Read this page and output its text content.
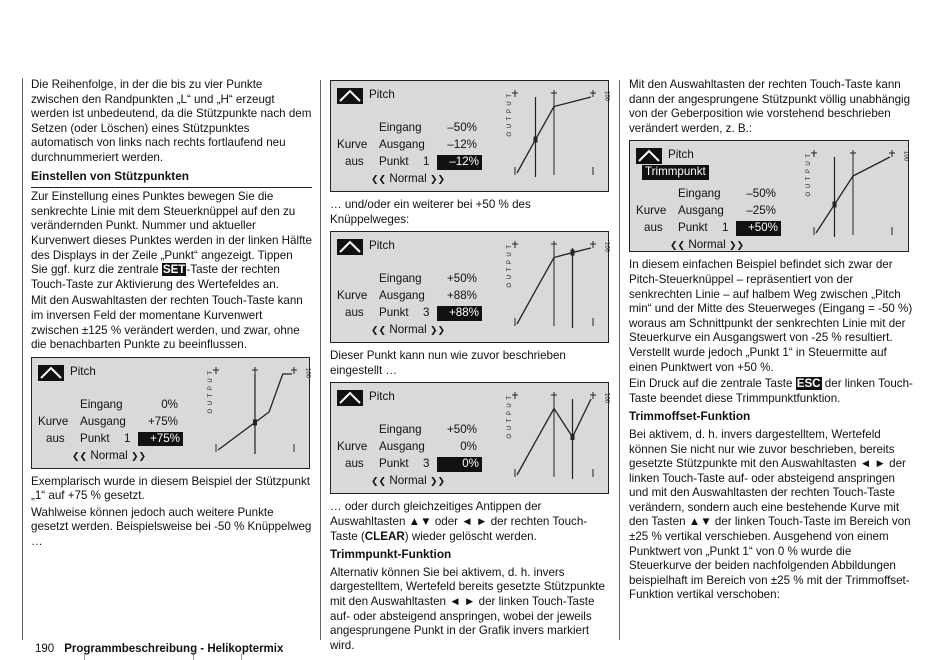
Die Reihenfolge, in der die bis zu vier Punkte zwischen den Randpunkten „L“ und „H“ erzeugt werden ist unbedeutend, da die Stützpunkte nach dem Setzen (oder Löschen) eines Stützpunktes automatisch von links nach rechts fortlaufend neu durchnummeriert werden.

Einstellen von Stützpunkten

Zur Einstellung eines Punktes bewegen Sie die senkrechte Linie mit dem Steuerknüppel auf den zu verändernden Punkt. Nummer und aktueller Kurvenwert dieses Punktes werden in der linken Hälfte des Displays in der Zeile „Punkt“ angezeigt. Tippen Sie ggf. kurz die zentrale SET-Taste der rechten Touch-Taste zur Aktivierung des Wertefeldes an.

Mit den Auswahltasten der rechten Touch-Taste kann im inversen Feld der momentane Kurvenwert zwischen ±125 % verändert werden, und zwar, ohne die benachbarten Punkte zu beeinflussen.

Pitch
Eingang	0%
Kurve Ausgang	+75%
aus Punkt 1	+75%
❮❮ Normal ❯❯
O U T P U T	100

Exemplarisch wurde in diesem Beispiel der Stützpunkt „1“ auf +75 % gesetzt.

Wahlweise können jedoch auch weitere Punkte gesetzt werden. Beispielsweise bei -50 % Knüppelweg …

Pitch
Eingang	–50%
Kurve Ausgang	–12%
aus Punkt 1	–12%
❮❮ Normal ❯❯
O U T P U T	100

… und/oder ein weiterer bei +50 % des Knüppelweges:

Pitch
Eingang	+50%
Kurve Ausgang	+88%
aus Punkt 3	+88%
❮❮ Normal ❯❯
O U T P U T	100

Dieser Punkt kann nun wie zuvor beschrieben eingestellt …

Pitch
Eingang	+50%
Kurve Ausgang	0%
aus Punkt 3	0%
❮❮ Normal ❯❯
O U T P U T	100

… oder durch gleichzeitiges Antippen der Auswahltasten ▲▼ oder ◄ ► der rechten Touch-Taste (CLEAR) wieder gelöscht werden.

Trimmpunkt-Funktion

Alternativ können Sie bei aktivem, d. h. invers dargestelltem, Wertefeld bereits gesetzte Stützpunkte mit den Auswahltasten ◄ ► der linken Touch-Taste auf- oder absteigend anspringen, wobei der jeweils angesprungene Punkt in der Grafik invers markiert wird.

Mit den Auswahltasten der rechten Touch-Taste kann dann der angesprungene Stützpunkt völlig unabhängig von der Geberposition wie vorstehend beschrieben verändert werden, z. B.:

Pitch
Trimmpunkt
Eingang	–50%
Kurve Ausgang	–25%
aus Punkt 1	+50%
❮❮ Normal ❯❯
O U T P U T	100

In diesem einfachen Beispiel befindet sich zwar der Pitch-Steuerknüppel – repräsentiert von der senkrechten Linie – auf halbem Weg zwischen „Pitch min“ und der Mitte des Steuerweges (Eingang = -50 %) woraus am Schnittpunkt der senkrechten Linie mit der Steuerkurve ein Ausgangswert von -25 % resultiert. Verstellt wurde jedoch „Punkt 1“ in Steuermitte auf einen Punktwert von +50 %.

Ein Druck auf die zentrale Taste ESC der linken Touch-Taste beendet diese Trimmpunktfunktion.

Trimmoffset-Funktion

Bei aktivem, d. h. invers dargestelltem, Wertefeld können Sie nicht nur wie zuvor beschrieben, bereits gesetzte Stützpunkte mit den Auswahltasten ◄ ► der linken Touch-Taste auf- oder absteigend anspringen und mit den Auswahltasten der rechten Touch-Taste verändern, sondern auch eine bestehende Kurve mit den Tasten ▲▼ der linken Touch-Taste im Bereich von ±25 % vertikal verschieben. Ausgehend von einem Punktwert von „Punkt 1“ von 0 % wurde die Steuerkurve der beiden nachfolgenden Abbildungen beispielhaft im Bereich von ±25 % mit der Trimmoffset-Funktion vertikal verschoben:

190 Programmbeschreibung - Helikoptermix
